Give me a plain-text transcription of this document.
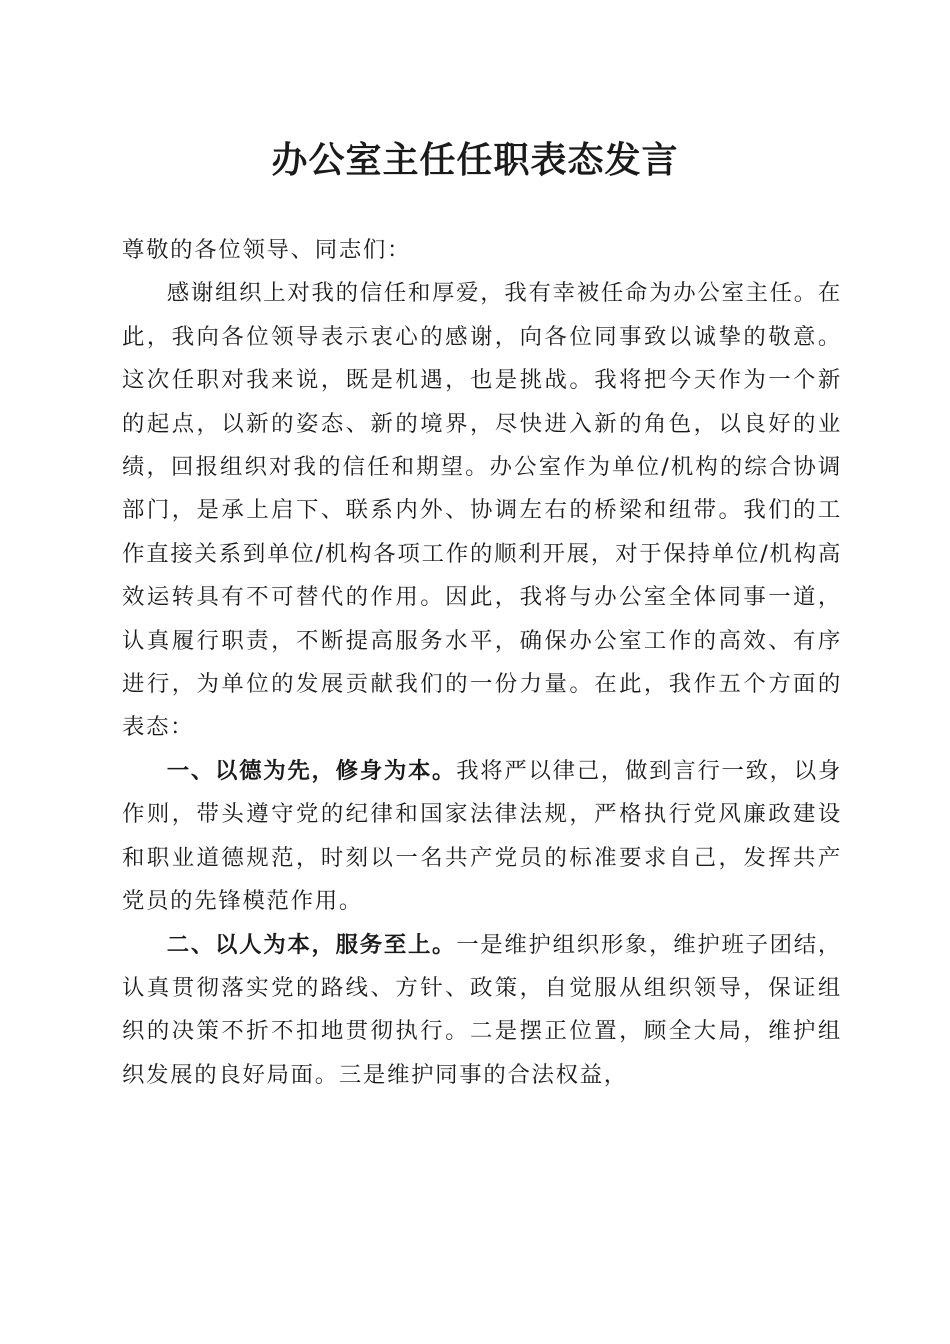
办公室主任任职表态发言

尊敬的各位领导、同志们：

感谢组织上对我的信任和厚爱，我有幸被任命为办公室主任。在此，我向各位领导表示衷心的感谢，向各位同事致以诚挚的敬意。这次任职对我来说，既是机遇，也是挑战。我将把今天作为一个新的起点，以新的姿态、新的境界，尽快进入新的角色，以良好的业绩，回报组织对我的信任和期望。办公室作为单位/机构的综合协调部门，是承上启下、联系内外、协调左右的桥梁和纽带。我们的工作直接关系到单位/机构各项工作的顺利开展，对于保持单位/机构高效运转具有不可替代的作用。因此，我将与办公室全体同事一道，认真履行职责，不断提高服务水平，确保办公室工作的高效、有序进行，为单位的发展贡献我们的一份力量。在此，我作五个方面的表态：

一、以德为先，修身为本。我将严以律己，做到言行一致，以身作则，带头遵守党的纪律和国家法律法规，严格执行党风廉政建设和职业道德规范，时刻以一名共产党员的标准要求自己，发挥共产党员的先锋模范作用。

二、以人为本，服务至上。一是维护组织形象，维护班子团结，认真贯彻落实党的路线、方针、政策，自觉服从组织领导，保证组织的决策不折不扣地贯彻执行。二是摆正位置，顾全大局，维护组织发展的良好局面。三是维护同事的合法权益，
